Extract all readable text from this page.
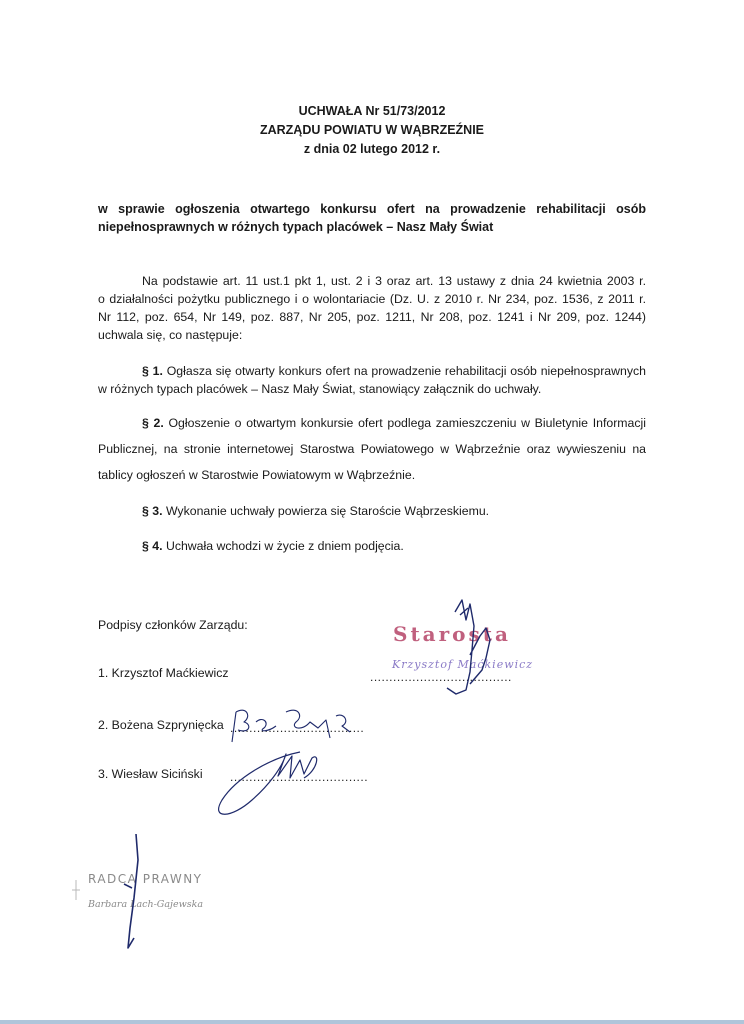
UCHWAŁA Nr 51/73/2012
ZARZĄDU POWIATU W WĄBRZEŹNIE
z dnia 02 lutego 2012 r.
w sprawie ogłoszenia otwartego konkursu ofert na prowadzenie rehabilitacji osób
niepełnosprawnych w różnych typach placówek – Nasz Mały Świat
Na podstawie art. 11 ust.1 pkt 1, ust. 2 i 3 oraz art. 13 ustawy z dnia 24 kwietnia 2003 r.
o działalności pożytku publicznego i o wolontariacie (Dz. U. z 2010 r. Nr 234, poz. 1536, z 2011 r.
Nr 112, poz. 654, Nr 149, poz. 887, Nr 205, poz. 1211, Nr 208, poz. 1241 i Nr 209, poz. 1244)
uchwala się, co następuje:
§ 1. Ogłasza się otwarty konkurs ofert na prowadzenie rehabilitacji osób niepełnosprawnych
w różnych typach placówek – Nasz Mały Świat, stanowiący załącznik do uchwały.
§ 2. Ogłoszenie o otwartym konkursie ofert podlega zamieszczeniu w Biuletynie Informacji
Publicznej, na stronie internetowej Starostwa Powiatowego w Wąbrzeźnie oraz wywieszeniu na
tablicy ogłoszeń w Starostwie Powiatowym w Wąbrzeźnie.
§ 3. Wykonanie uchwały powierza się Staroście Wąbrzeskiemu.
§ 4. Uchwała wchodzi w życie z dniem podjęcia.
Podpisy członków Zarządu:
1. Krzysztof Maćkiewicz	.....................................
2. Bożena Szprynięcka ...................................
3. Wiesław Siciński ....................................
Starosta
Krzysztof Maćkiewicz
RADCA PRAWNY
Barbara Lach-Gajewska
